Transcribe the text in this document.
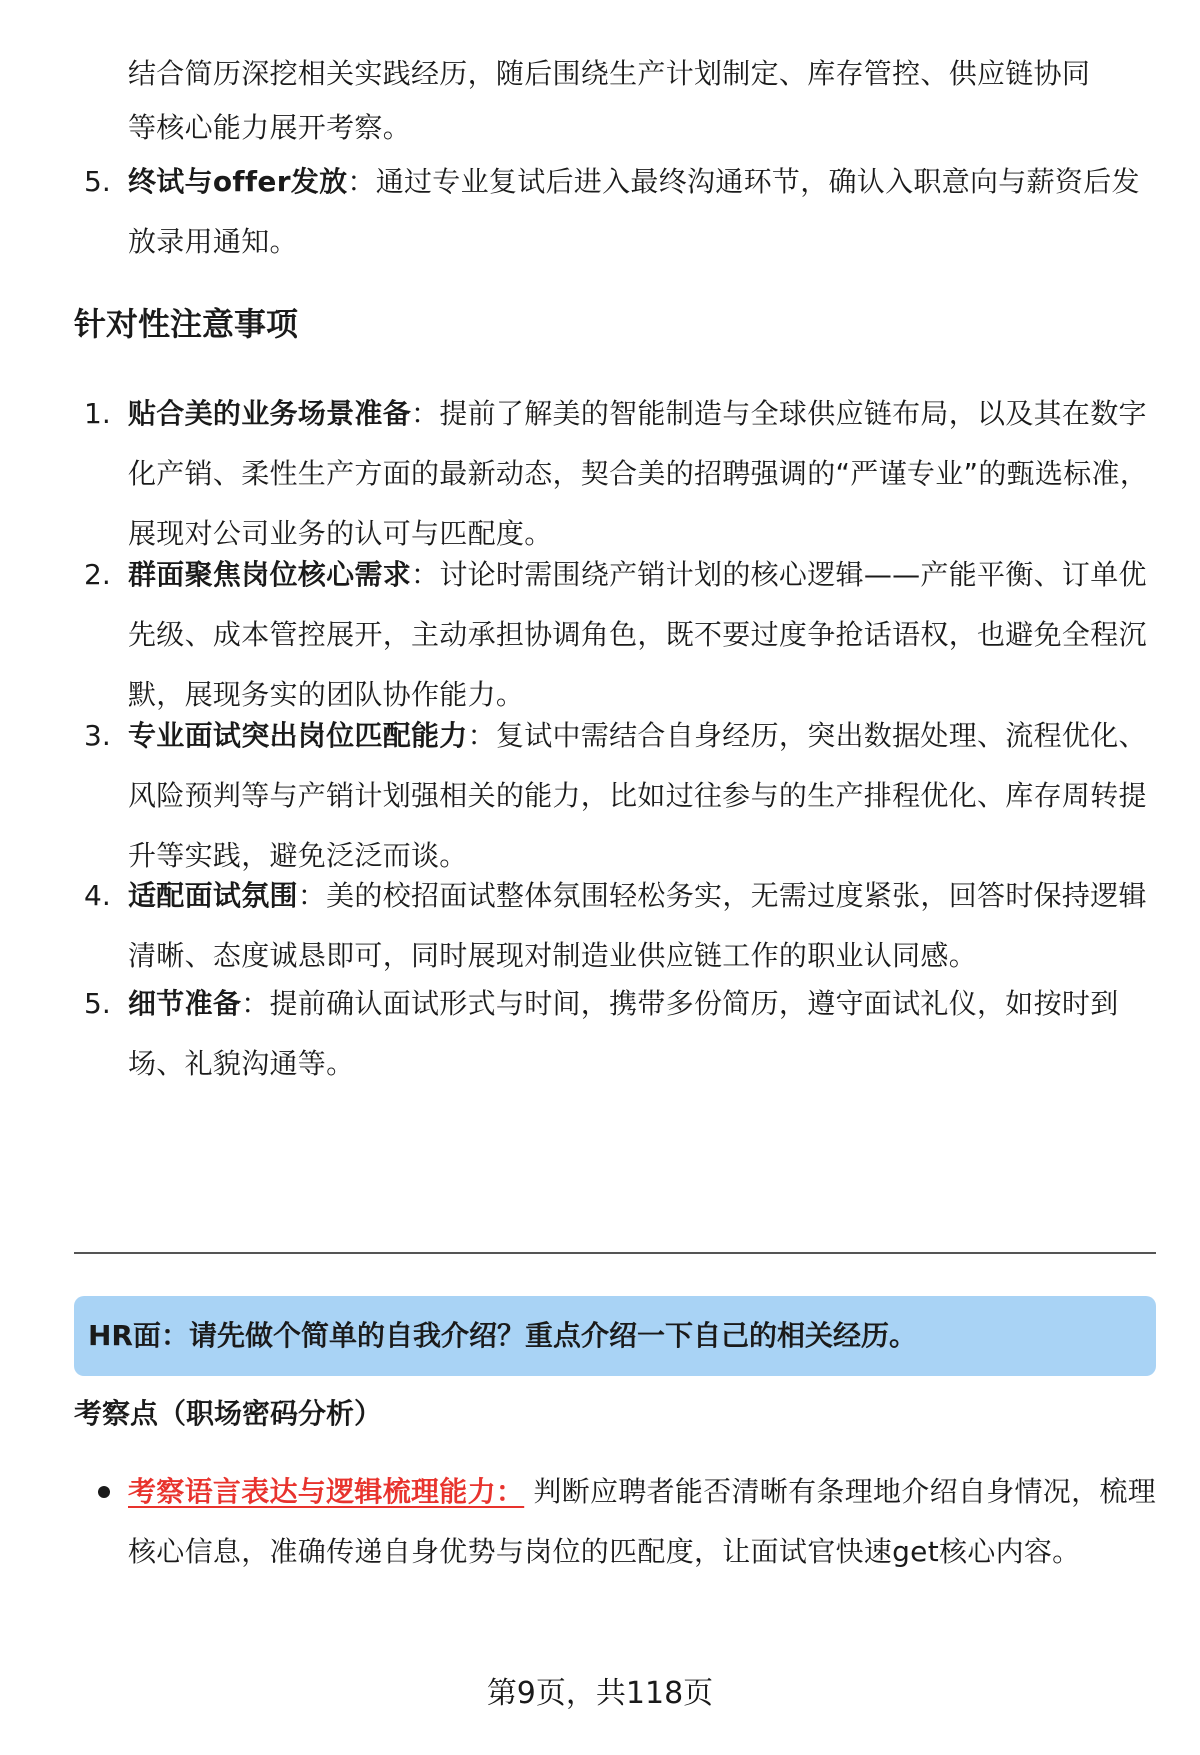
结合简历深挖相关实践经历，随后围绕生产计划制定、库存管控、供应链协同
等核心能力展开考察。
5. 终试与offer发放：通过专业复试后进入最终沟通环节，确认入职意向与薪资后发放录用通知。
针对性注意事项
1. 贴合美的业务场景准备：提前了解美的智能制造与全球供应链布局，以及其在数字化产销、柔性生产方面的最新动态，契合美的招聘强调的“严谨专业”的甄选标准，展现对公司业务的认可与匹配度。
2. 群面聚焦岗位核心需求：讨论时需围绕产销计划的核心逻辑——产能平衡、订单优先级、成本管控展开，主动承担协调角色，既不要过度争抢话语权，也避免全程沉默，展现务实的团队协作能力。
3. 专业面试突出岗位匹配能力：复试中需结合自身经历，突出数据处理、流程优化、风险预判等与产销计划强相关的能力，比如过往参与的生产排程优化、库存周转提升等实践，避免泛泛而谈。
4. 适配面试氛围：美的校招面试整体氛围轻松务实，无需过度紧张，回答时保持逻辑清晰、态度诚恳即可，同时展现对制造业供应链工作的职业认同感。
5. 细节准备：提前确认面试形式与时间，携带多份简历，遵守面试礼仪，如按时到场、礼貌沟通等。
HR面：请先做个简单的自我介绍？重点介绍一下自己的相关经历。
考察点（职场密码分析）
考察语言表达与逻辑梳理能力： 判断应聘者能否清晰有条理地介绍自身情况，梳理核心信息，准确传递自身优势与岗位的匹配度，让面试官快速get核心内容。
第9页，共118页
